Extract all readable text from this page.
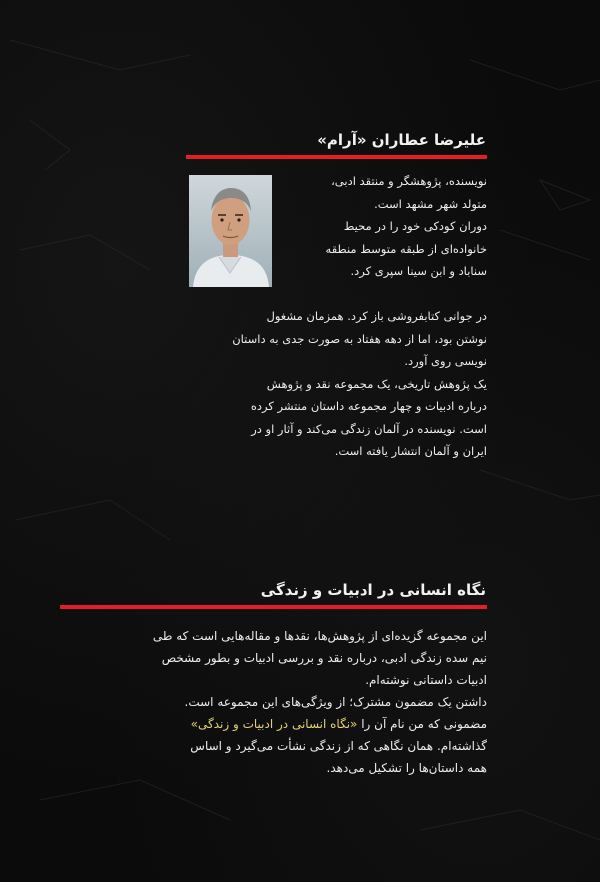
علیرضا عطاران «آرام»

نویسنده، پژوهشگر و منتقد ادبی،

متولد شهر مشهد است.

دوران کودکی خود را در محیط

خانواده‌ای از طبقه متوسط منطقه

سناباد و ابن سینا سپری کرد.

در جوانی کتابفروشی باز کرد. همزمان مشغول

نوشتن بود، اما از دهه هفتاد به صورت جدی به داستان

نویسی روی آورد.

یک پژوهش تاریخی، یک مجموعه نقد و پژوهش

درباره ادبیات و چهار مجموعه داستان منتشر کرده

است. نویسنده در آلمان زندگی می‌کند و آثار او در

ایران و آلمان انتشار یافته است.

نگاه انسانی در ادبیات و زندگی

این مجموعه گزیده‌ای از پژوهش‌ها، نقدها و مقاله‌هایی است که طی

نیم سده زندگی ادبی، درباره نقد و بررسی ادبیات و بطور مشخص

ادبیات داستانی نوشته‌ام.

داشتن یک مضمون مشترک؛ از ویژگی‌های این مجموعه است.

مضمونی که من نام آن را «نگاه انسانی در ادبیات و زندگی»

گذاشته‌ام. همان نگاهی که از زندگی نشأت می‌گیرد و اساس

همه داستان‌ها را تشکیل می‌دهد.
